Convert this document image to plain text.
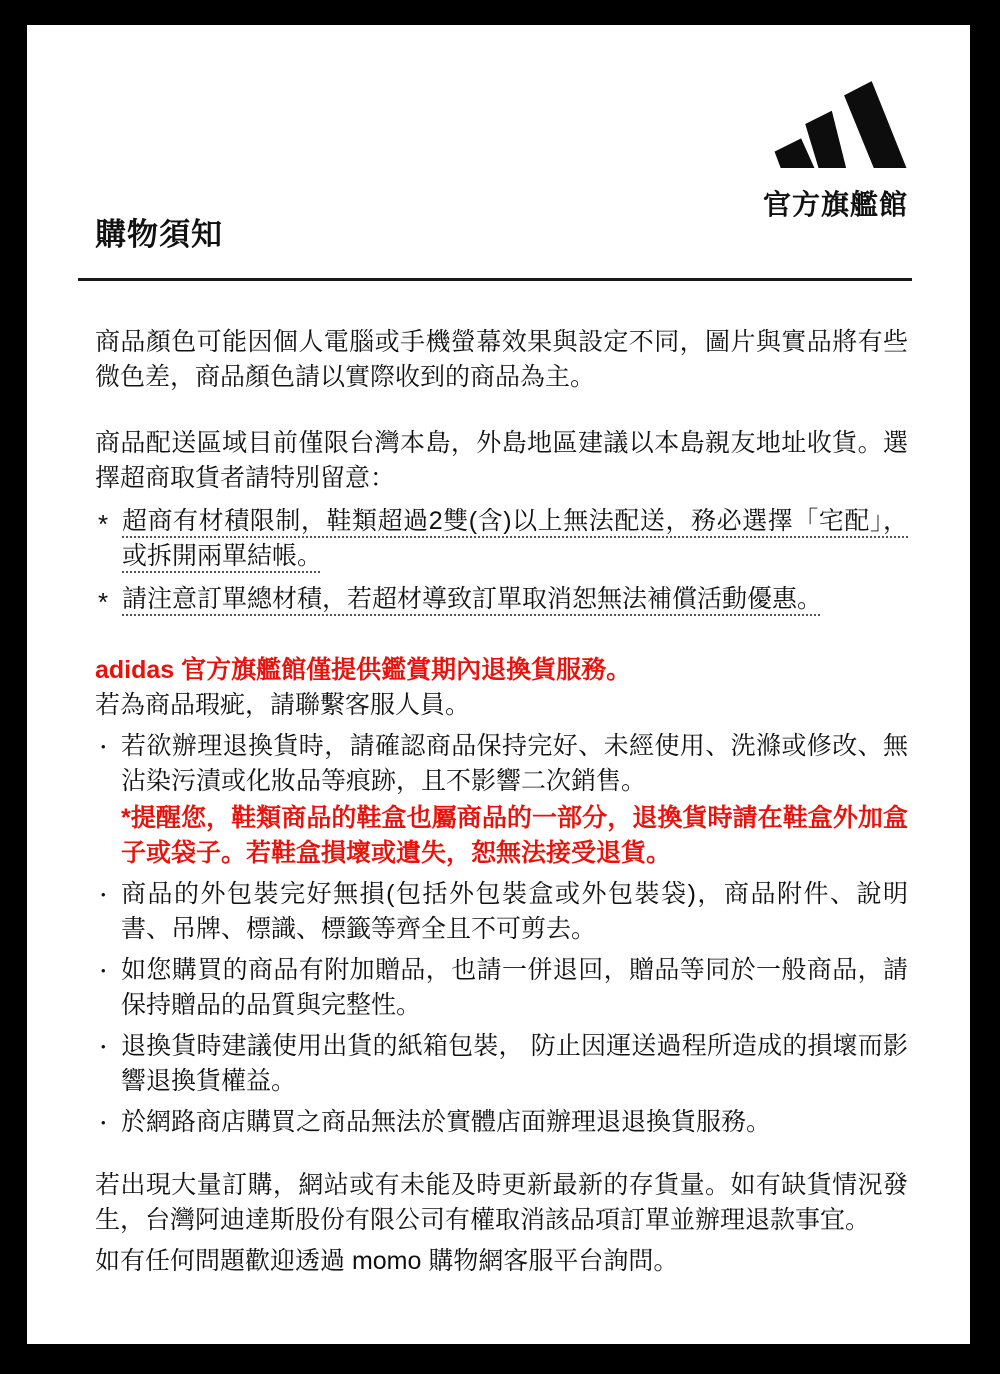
官方旗艦館
購物須知
商品顏色可能因個人電腦或手機螢幕效果與設定不同，圖片與實品將有些微色差，商品顏色請以實際收到的商品為主。
商品配送區域目前僅限台灣本島，外島地區建議以本島親友地址收貨。選擇超商取貨者請特別留意：
* 超商有材積限制，鞋類超過2雙(含)以上無法配送，務必選擇「宅配」，或拆開兩單結帳。
* 請注意訂單總材積，若超材導致訂單取消恕無法補償活動優惠。
adidas 官方旗艦館僅提供鑑賞期內退換貨服務。
若為商品瑕疵，請聯繫客服人員。
• 若欲辦理退換貨時，請確認商品保持完好、未經使用、洗滌或修改、無沾染污漬或化妝品等痕跡，且不影響二次銷售。
*提醒您，鞋類商品的鞋盒也屬商品的一部分，退換貨時請在鞋盒外加盒子或袋子。若鞋盒損壞或遺失，恕無法接受退貨。
• 商品的外包裝完好無損(包括外包裝盒或外包裝袋)，商品附件、說明書、吊牌、標識、標籤等齊全且不可剪去。
• 如您購買的商品有附加贈品，也請一併退回，贈品等同於一般商品，請保持贈品的品質與完整性。
• 退換貨時建議使用出貨的紙箱包裝， 防止因運送過程所造成的損壞而影響退換貨權益。
• 於網路商店購買之商品無法於實體店面辦理退退換貨服務。
若出現大量訂購，網站或有未能及時更新最新的存貨量。如有缺貨情況發生，台灣阿迪達斯股份有限公司有權取消該品項訂單並辦理退款事宜。
如有任何問題歡迎透過 momo 購物網客服平台詢問。
